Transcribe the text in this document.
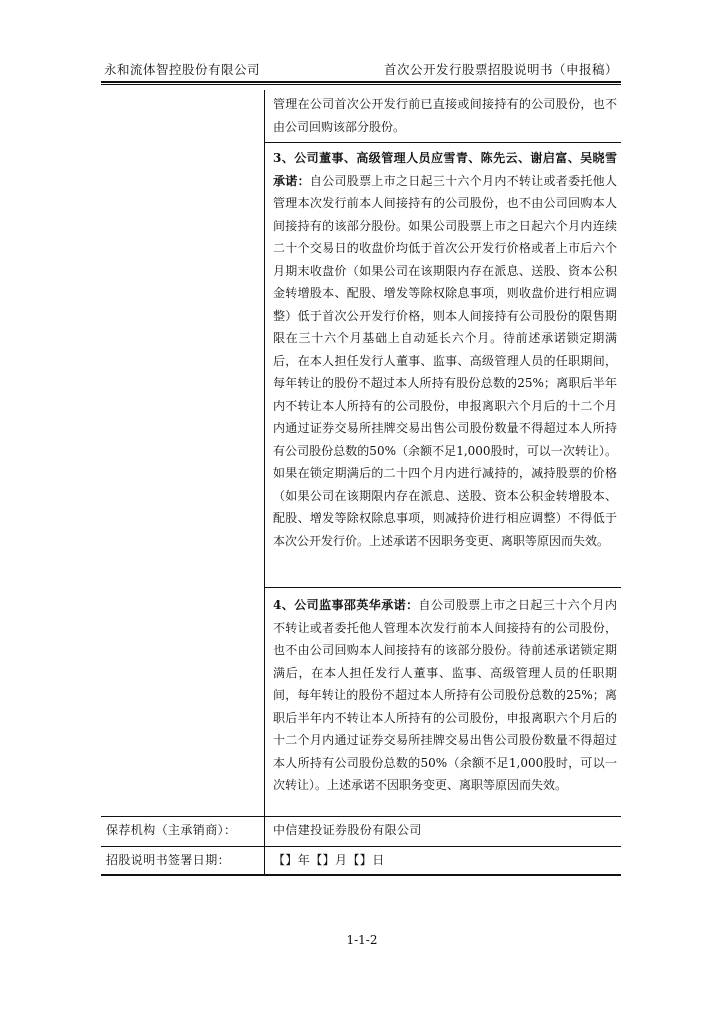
永和流体智控股份有限公司	首次公开发行股票招股说明书（申报稿）
管理在公司首次公开发行前已直接或间接持有的公司股份，也不由公司回购该部分股份。
3、公司董事、高级管理人员应雪青、陈先云、谢启富、吴晓雪承诺：自公司股票上市之日起三十六个月内不转让或者委托他人管理本次发行前本人间接持有的公司股份，也不由公司回购本人间接持有的该部分股份。如果公司股票上市之日起六个月内连续二十个交易日的收盘价均低于首次公开发行价格或者上市后六个月期末收盘价（如果公司在该期限内存在派息、送股、资本公积金转增股本、配股、增发等除权除息事项，则收盘价进行相应调整）低于首次公开发行价格，则本人间接持有公司股份的限售期限在三十六个月基础上自动延长六个月。待前述承诺锁定期满后，在本人担任发行人董事、监事、高级管理人员的任职期间，每年转让的股份不超过本人所持有股份总数的25%；离职后半年内不转让本人所持有的公司股份，申报离职六个月后的十二个月内通过证券交易所挂牌交易出售公司股份数量不得超过本人所持有公司股份总数的50%（余额不足1,000股时，可以一次转让）。如果在锁定期满后的二十四个月内进行减持的，减持股票的价格（如果公司在该期限内存在派息、送股、资本公积金转增股本、配股、增发等除权除息事项，则减持价进行相应调整）不得低于本次公开发行价。上述承诺不因职务变更、离职等原因而失效。
4、公司监事邵英华承诺：自公司股票上市之日起三十六个月内不转让或者委托他人管理本次发行前本人间接持有的公司股份，也不由公司回购本人间接持有的该部分股份。待前述承诺锁定期满后，在本人担任发行人董事、监事、高级管理人员的任职期间，每年转让的股份不超过本人所持有公司股份总数的25%；离职后半年内不转让本人所持有的公司股份，申报离职六个月后的十二个月内通过证券交易所挂牌交易出售公司股份数量不得超过本人所持有公司股份总数的50%（余额不足1,000股时，可以一次转让）。上述承诺不因职务变更、离职等原因而失效。
保荐机构（主承销商）：	中信建投证券股份有限公司
招股说明书签署日期：	【】年【】月【】日
1-1-2
